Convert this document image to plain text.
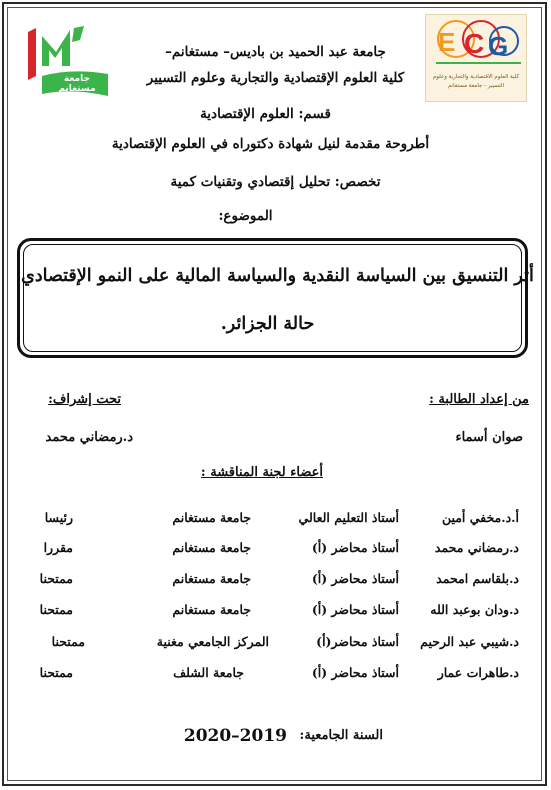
جامعة مستغانم
E C G
كلية العلوم الاقتصادية والتجارية وعلوم التسيير - جامعة مستغانم
جامعة عبد الحميد بن باديس– مستغانم–
كلية العلوم الإقتصادية والتجارية وعلوم التسيير
قسم: العلوم الإقتصادية
أطروحة مقدمة لنيل شهادة دكتوراه في العلوم الإقتصادية
تخصص: تحليل إقتصادي وتقنيات كمية
الموضوع:
أثر التنسيق بين السياسة النقدية والسياسة المالية على النمو الإقتصادي
حالة الجزائر.
من إعداد الطالبة :
تحت إشراف:
صوان أسماء
د.رمضاني محمد
أعضاء لجنة المناقشة :
أ.د.مخفي أمين
أستاذ التعليم العالي
جامعة مستغانم
رئيسا
د.رمضاني محمد
أستاذ محاضر (أ)
جامعة مستغانم
مقررا
د.بلقاسم امحمد
أستاذ محاضر (أ)
جامعة مستغانم
ممتحنا
د.ودان بوعبد الله
أستاذ محاضر (أ)
جامعة مستغانم
ممتحنا
د.شيبي عبد الرحيم
أستاذ محاضر(أ)
المركز الجامعي مغنية
ممتحنا
د.طاهرات عمار
أستاذ محاضر (أ)
جامعة الشلف
ممتحنا
السنة الجامعية:
2020–2019
